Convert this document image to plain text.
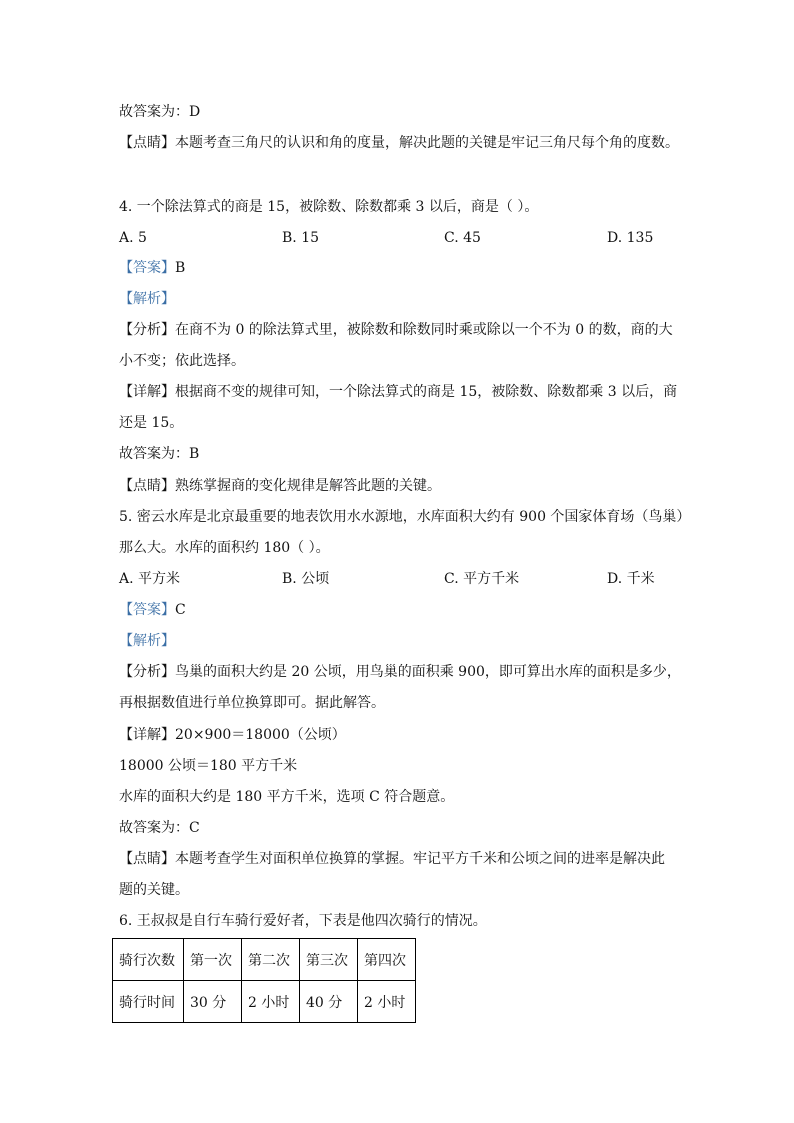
故答案为：D
【点睛】本题考查三角尺的认识和角的度量，解决此题的关键是牢记三角尺每个角的度数。
4. 一个除法算式的商是 15，被除数、除数都乘 3 以后，商是（ ）。
A. 5	B. 15	C. 45	D. 135
【答案】B
【解析】
【分析】在商不为 0 的除法算式里，被除数和除数同时乘或除以一个不为 0 的数，商的大
小不变；依此选择。
【详解】根据商不变的规律可知，一个除法算式的商是 15，被除数、除数都乘 3 以后，商
还是 15。
故答案为：B
【点睛】熟练掌握商的变化规律是解答此题的关键。
5. 密云水库是北京最重要的地表饮用水水源地，水库面积大约有 900 个国家体育场（鸟巢）
那么大。水库的面积约 180（ ）。
A. 平方米	B. 公顷	C. 平方千米	D. 千米
【答案】C
【解析】
【分析】鸟巢的面积大约是 20 公顷，用鸟巢的面积乘 900，即可算出水库的面积是多少，
再根据数值进行单位换算即可。据此解答。
【详解】20×900＝18000（公顷）
18000 公顷＝180 平方千米
水库的面积大约是 180 平方千米，选项 C 符合题意。
故答案为：C
【点睛】本题考查学生对面积单位换算的掌握。牢记平方千米和公顷之间的进率是解决此
题的关键。
6. 王叔叔是自行车骑行爱好者，下表是他四次骑行的情况。
骑行次数	第一次	第二次	第三次	第四次
骑行时间	30 分	2 小时	40 分	2 小时
